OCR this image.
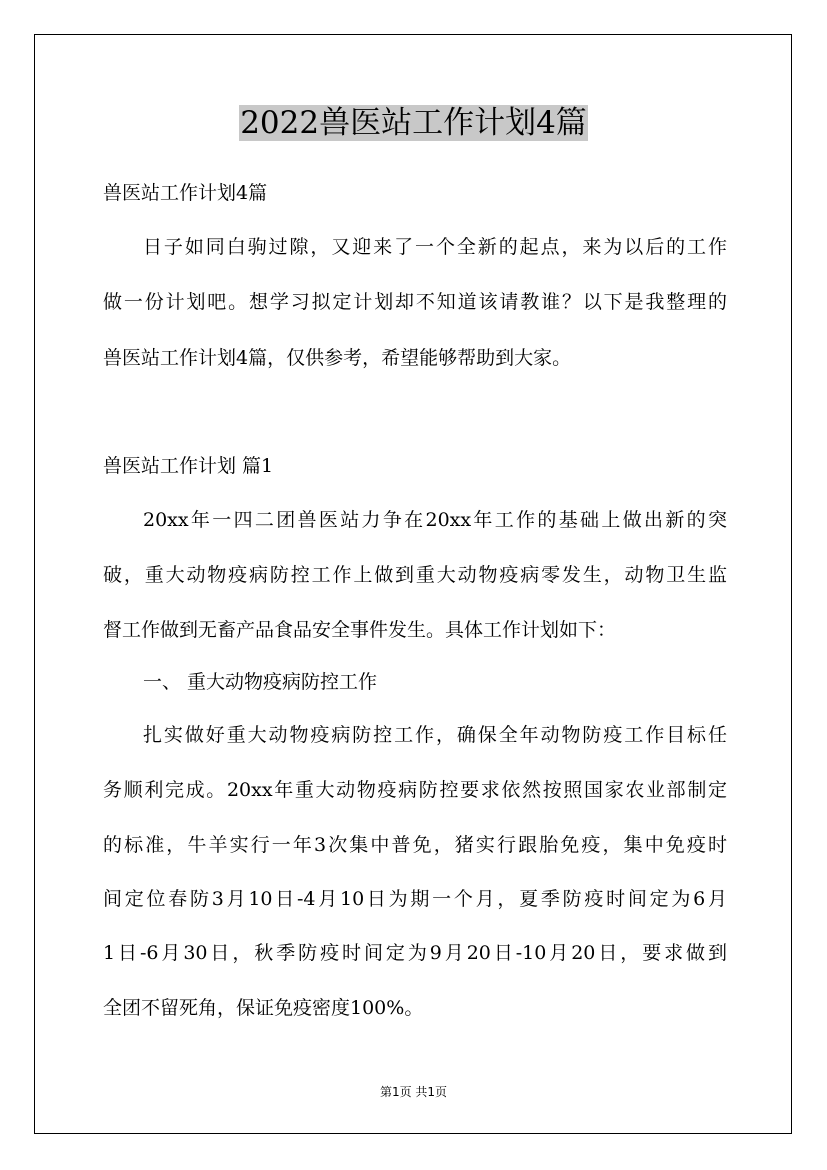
2022兽医站工作计划4篇

兽医站工作计划4篇

日子如同白驹过隙，又迎来了一个全新的起点，来为以后的工作

做一份计划吧。想学习拟定计划却不知道该请教谁？以下是我整理的

兽医站工作计划4篇，仅供参考，希望能够帮助到大家。

兽医站工作计划 篇1

20xx年一四二团兽医站力争在20xx年工作的基础上做出新的突

破，重大动物疫病防控工作上做到重大动物疫病零发生，动物卫生监

督工作做到无畜产品食品安全事件发生。具体工作计划如下：

一、 重大动物疫病防控工作

扎实做好重大动物疫病防控工作，确保全年动物防疫工作目标任

务顺利完成。20xx年重大动物疫病防控要求依然按照国家农业部制定

的标准，牛羊实行一年3次集中普免，猪实行跟胎免疫，集中免疫时

间定位春防3月10日-4月10日为期一个月，夏季防疫时间定为6月

1日-6月30日，秋季防疫时间定为9月20日-10月20日，要求做到

全团不留死角，保证免疫密度100%。

第1页 共1页
